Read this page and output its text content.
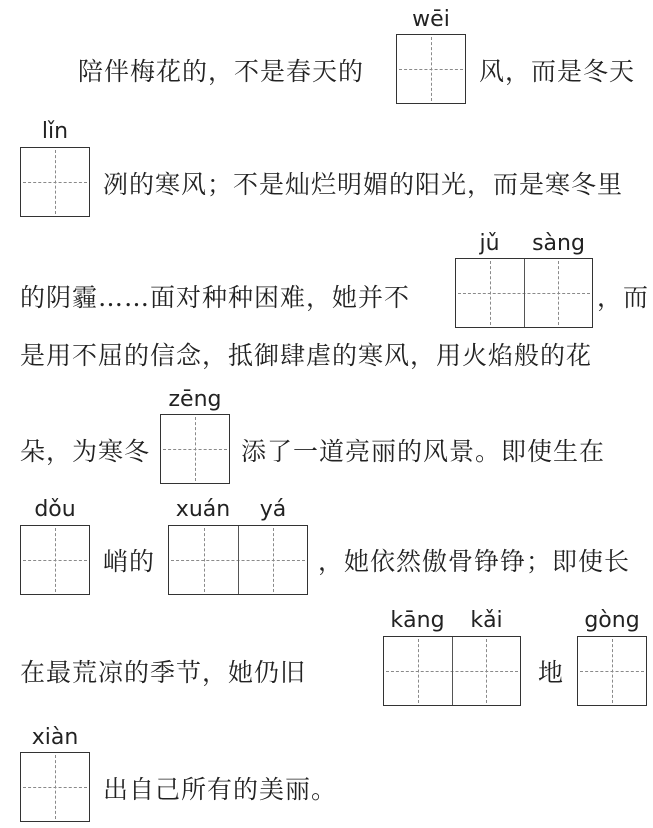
wēi
陪伴梅花的，不是春天的	风，而是冬天
lǐn
冽的寒风；不是灿烂明媚的阳光，而是寒冬里
jǔ	sàng
的阴霾……面对种种困难，她并不	，而
是用不屈的信念，抵御肆虐的寒风，用火焰般的花
zēng
朵，为寒冬	添了一道亮丽的风景。即使生在
dǒu	xuán	yá
峭的	，她依然傲骨铮铮；即使长
kāng	kǎi	gòng
在最荒凉的季节，她仍旧	地
xiàn
出自己所有的美丽。
